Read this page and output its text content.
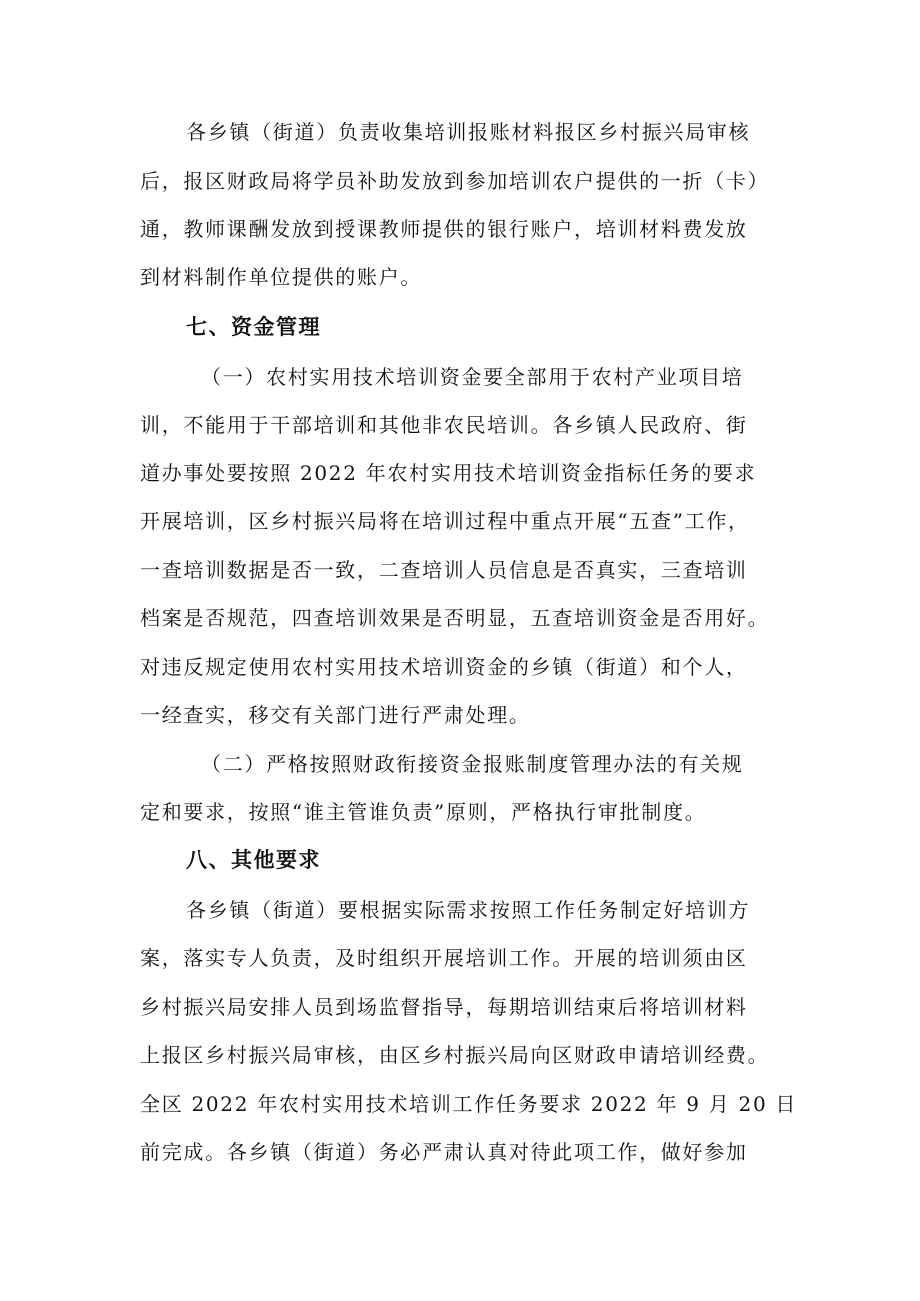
各乡镇（街道）负责收集培训报账材料报区乡村振兴局审核
后，报区财政局将学员补助发放到参加培训农户提供的一折（卡）
通，教师课酬发放到授课教师提供的银行账户，培训材料费发放
到材料制作单位提供的账户。
七、资金管理
（一）农村实用技术培训资金要全部用于农村产业项目培
训，不能用于干部培训和其他非农民培训。各乡镇人民政府、街
道办事处要按照 2022 年农村实用技术培训资金指标任务的要求
开展培训，区乡村振兴局将在培训过程中重点开展“五查”工作，
一查培训数据是否一致，二查培训人员信息是否真实，三查培训
档案是否规范，四查培训效果是否明显，五查培训资金是否用好。
对违反规定使用农村实用技术培训资金的乡镇（街道）和个人，
一经查实，移交有关部门进行严肃处理。
（二）严格按照财政衔接资金报账制度管理办法的有关规
定和要求，按照“谁主管谁负责”原则，严格执行审批制度。
八、其他要求
各乡镇（街道）要根据实际需求按照工作任务制定好培训方
案，落实专人负责，及时组织开展培训工作。开展的培训须由区
乡村振兴局安排人员到场监督指导，每期培训结束后将培训材料
上报区乡村振兴局审核，由区乡村振兴局向区财政申请培训经费。
全区 2022 年农村实用技术培训工作任务要求 2022 年 9 月 20 日
前完成。各乡镇（街道）务必严肃认真对待此项工作，做好参加
